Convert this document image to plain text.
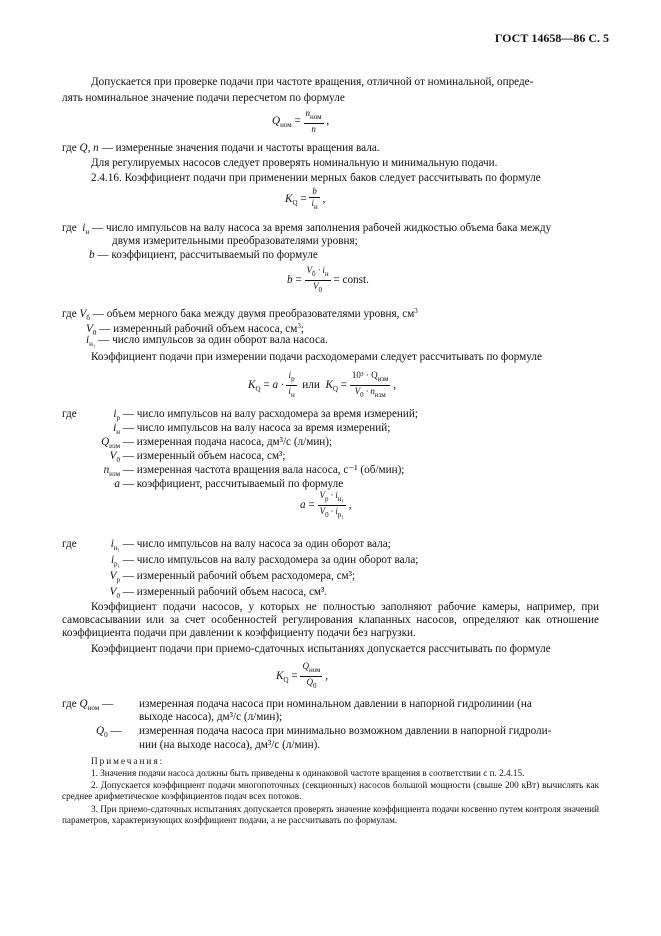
ГОСТ 14658—86 С. 5
Допускается при проверке подачи при частоте вращения, отличной от номинальной, опреде-
лять номинальное значение подачи пересчетом по формуле
$Q_{ном} = \frac{n_{ном}}{n}$ ,
где Q, n — измеренные значения подачи и частоты вращения вала.
Для регулируемых насосов следует проверять номинальную и минимальную подачи.
2.4.16. Коэффициент подачи при применении мерных баков следует рассчитывать по формуле
$K_Q = \frac{b}{i_н}$ ,
где $i_н$ — число импульсов на валу насоса за время заполнения рабочей жидкостью объема бака между
двумя измерительными преобразователями уровня;
b — коэффициент, рассчитываемый по формуле
$b = \frac{V_б \cdot i_н}{V_0}$ = const.
где $V_б$ — объем мерного бака между двумя преобразователями уровня, $см^3$
$V_0$ — измеренный рабочий объем насоса, $см^3$;
$i_{н_1}$ — число импульсов за один оборот вала насоса.
Коэффициент подачи при измерении подачи расходомерами следует рассчитывать по формуле
$K_Q = a \cdot \frac{i_р}{i_н}$ или $K_Q = \frac{10^3 \cdot Q_{изм}}{V_0 \cdot n_{изм}}$ ,
где	$i_р$ — число импульсов на валу расходомера за время измерений;
$i_н$ — число импульсов на валу насоса за время измерений;
$Q_{изм}$ — измеренная подача насоса, дм³/с (л/мин);
$V_0$ — измеренный объем насоса, см³;
$n_{изм}$ — измеренная частота вращения вала насоса, с⁻¹ (об/мин);
a — коэффициент, рассчитываемый по формуле
$a = \frac{V_р \cdot i_{н_1}}{V_0 \cdot i_{р_1}}$ ,
где	$i_{н_1}$ — число импульсов на валу насоса за один оборот вала;
$i_{р_1}$ — число импульсов на валу расходомера за один оборот вала;
$V_р$ — измеренный рабочий объем расходомера, см³;
$V_0$ — измеренный рабочий объем насоса, см³.
Коэффициент подачи насосов, у которых не полностью заполняют рабочие камеры, например, при самовсасывании или за счет особенностей регулирования клапанных насосов, определяют как отношение коэффициента подачи при давлении к коэффициенту подачи без нагрузки.
Коэффициент подачи при приемо-сдаточных испытаниях допускается рассчитывать по формуле
$K_Q = \frac{Q_{ном}}{Q_0}$ ,
где $Q_{ном}$ — измеренная подача насоса при номинальном давлении в напорной гидролинии (на
выходе насоса), дм³/с (л/мин);
$Q_0$ — измеренная подача насоса при минимально возможном давлении в напорной гидроли-
нии (на выходе насоса), дм³/с (л/мин).
Примечания:
1. Значения подачи насоса должны быть приведены к одинаковой частоте вращения в соответствии с п. 2.4.15.
2. Допускается коэффициент подачи многопоточных (секционных) насосов большой мощности (свыше 200 кВт) вычислять как среднее арифметическое коэффициентов подач всех потоков.
3. При приемо-сдаточных испытаниях допускается проверять значение коэффициента подачи косвенно путем контроля значений параметров, характеризующих коэффициент подачи, а не рассчитывать по формулам.
